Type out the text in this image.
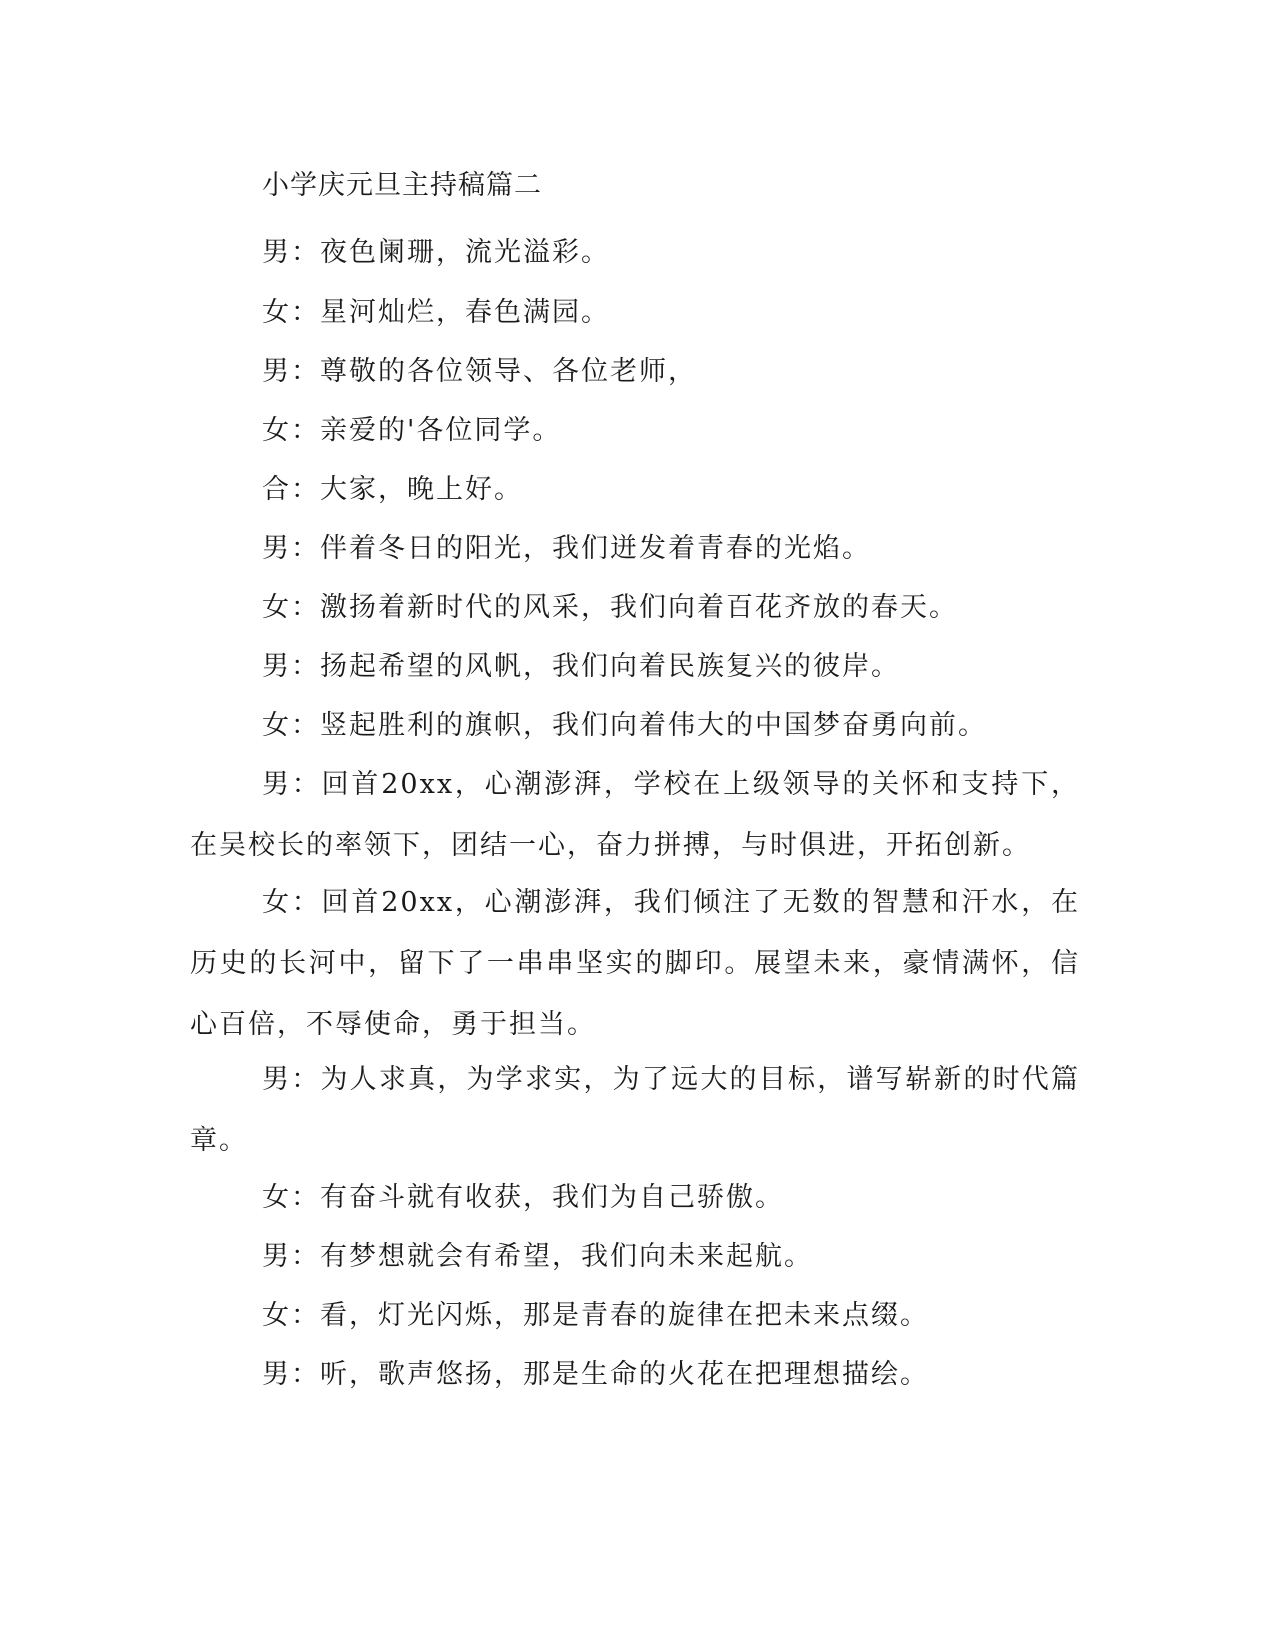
小学庆元旦主持稿篇二

男：夜色阑珊，流光溢彩。

女：星河灿烂，春色满园。

男：尊敬的各位领导、各位老师，

女：亲爱的'各位同学。

合：大家，晚上好。

男：伴着冬日的阳光，我们迸发着青春的光焰。

女：激扬着新时代的风采，我们向着百花齐放的春天。

男：扬起希望的风帆，我们向着民族复兴的彼岸。

女：竖起胜利的旗帜，我们向着伟大的中国梦奋勇向前。

男：回首20xx，心潮澎湃，学校在上级领导的关怀和支持下，在吴校长的率领下，团结一心，奋力拼搏，与时俱进，开拓创新。

女：回首20xx，心潮澎湃，我们倾注了无数的智慧和汗水，在历史的长河中，留下了一串串坚实的脚印。展望未来，豪情满怀，信心百倍，不辱使命，勇于担当。

男：为人求真，为学求实，为了远大的目标，谱写崭新的时代篇章。

女：有奋斗就有收获，我们为自己骄傲。

男：有梦想就会有希望，我们向未来起航。

女：看，灯光闪烁，那是青春的旋律在把未来点缀。

男：听，歌声悠扬，那是生命的火花在把理想描绘。
